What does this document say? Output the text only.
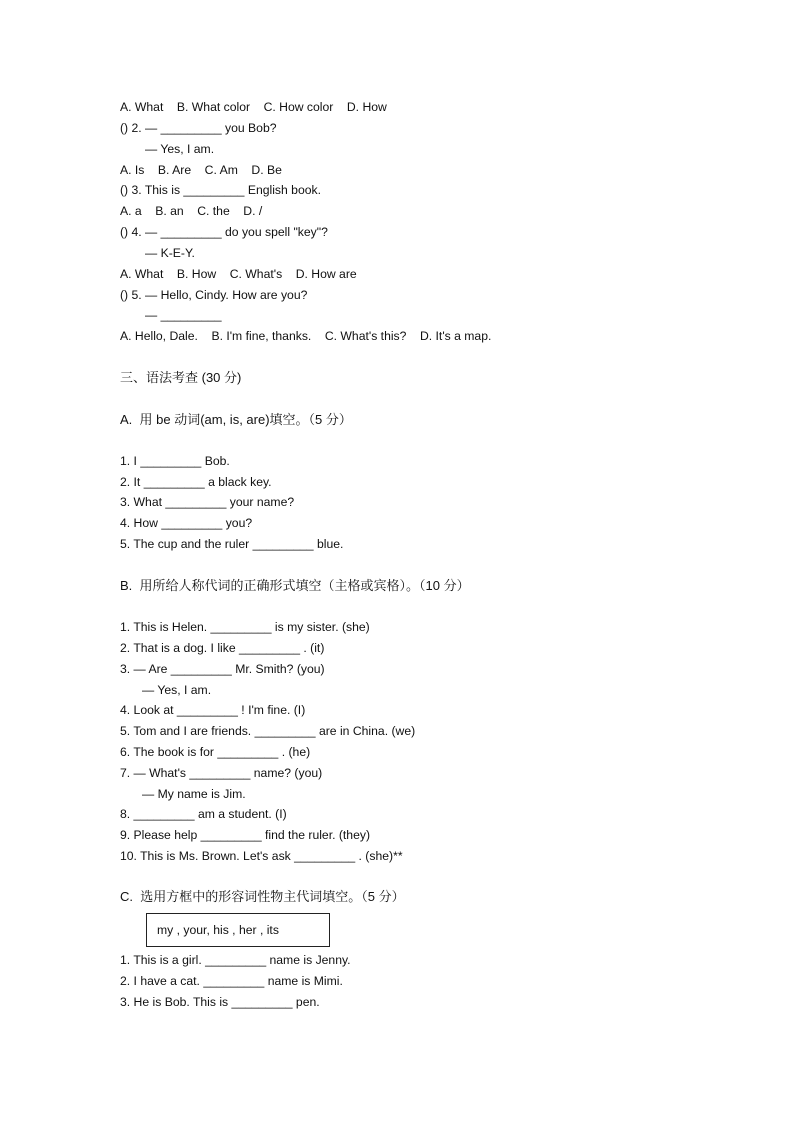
A. What    B. What color    C. How color    D. How
() 2. — _________ you Bob?
— Yes, I am.
A. Is    B. Are    C. Am    D. Be
() 3. This is _________ English book.
A. a    B. an    C. the    D. /
() 4. — _________ do you spell "key"?
— K-E-Y.
A. What    B. How    C. What's    D. How are
() 5. — Hello, Cindy. How are you?
— _________
A. Hello, Dale.    B. I'm fine, thanks.    C. What's this?    D. It's a map.
三、语法考查 (30 分)
A.  用 be 动词(am, is, are)填空。（5 分）
1. I _________ Bob.
2. It _________ a black key.
3. What _________ your name?
4. How _________ you?
5. The cup and the ruler _________ blue.
B.  用所给人称代词的正确形式填空（主格或宾格）。（10 分）
1. This is Helen. _________ is my sister. (she)
2. That is a dog. I like _________ . (it)
3. — Are _________ Mr. Smith? (you)
— Yes, I am.
4. Look at _________ ! I'm fine. (I)
5. Tom and I are friends. _________ are in China. (we)
6. The book is for _________ . (he)
7. — What's _________ name? (you)
— My name is Jim.
8. _________ am a student. (I)
9. Please help _________ find the ruler. (they)
10. This is Ms. Brown. Let's ask _________ . (she)**
C.  选用方框中的形容词性物主代词填空。（5 分）
my , your, his , her , its
1. This is a girl. _________ name is Jenny.
2. I have a cat. _________ name is Mimi.
3. He is Bob. This is _________ pen.
